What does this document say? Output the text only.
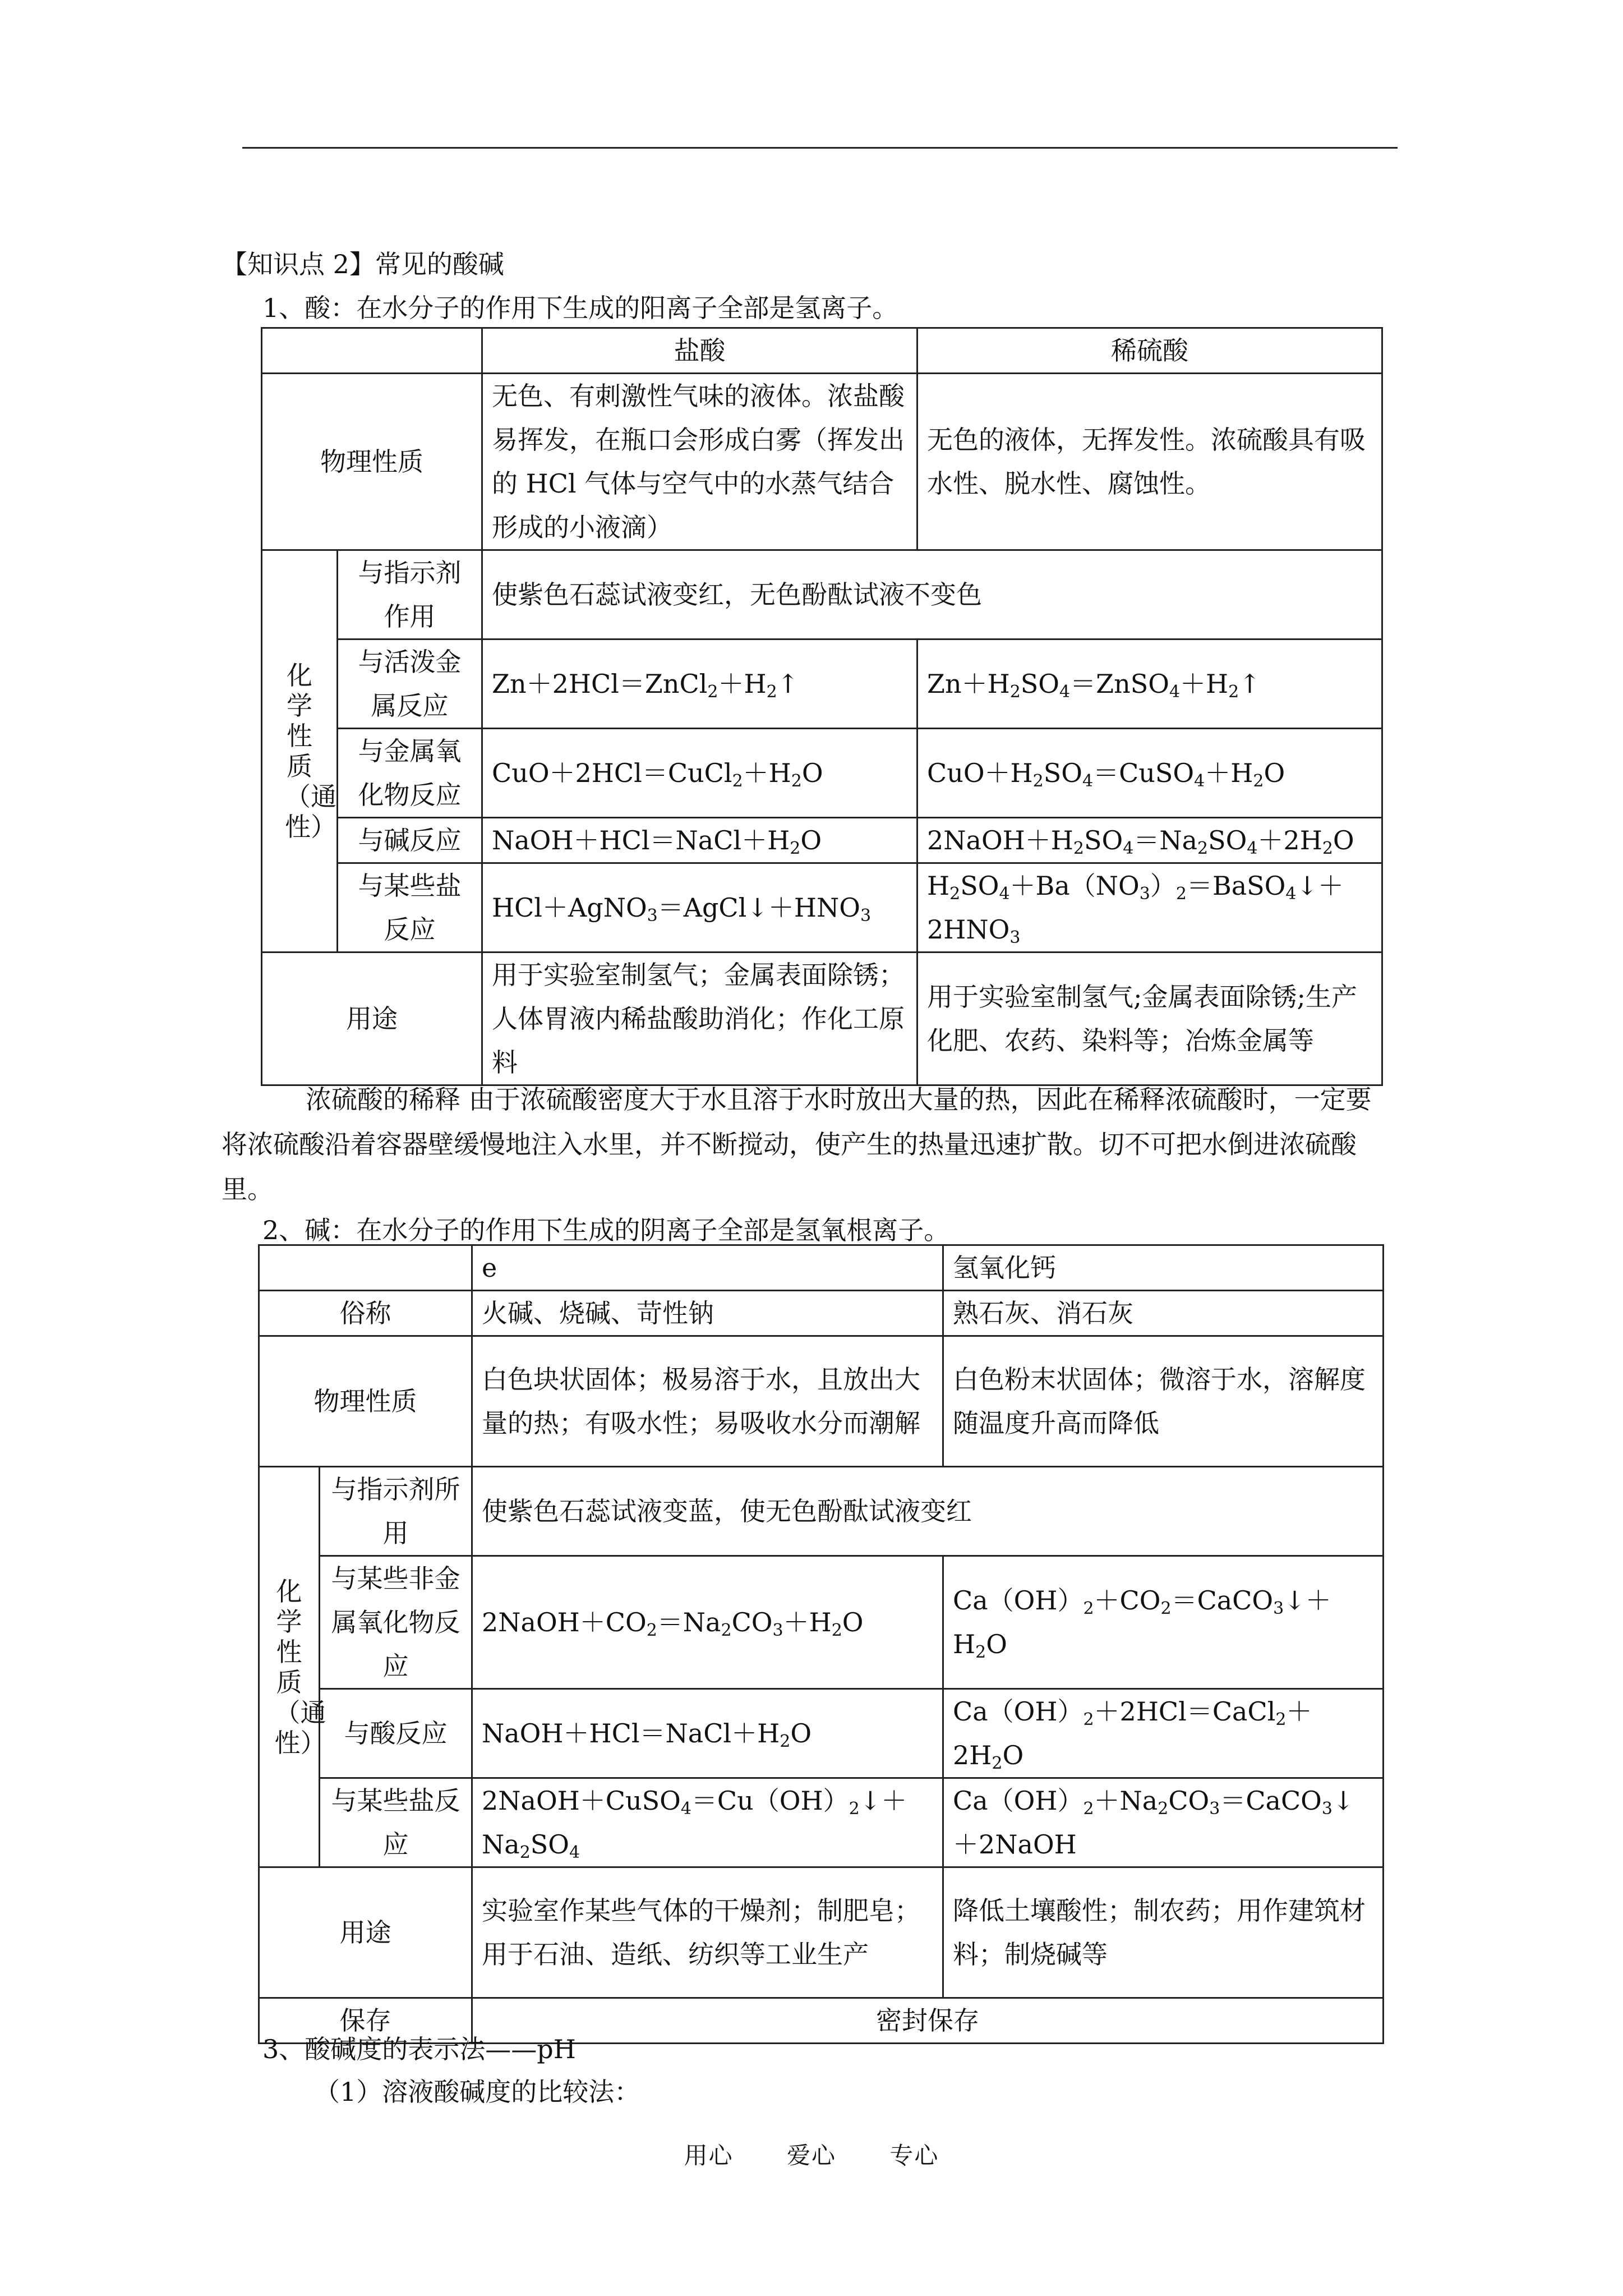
【知识点 2】常见的酸碱
1、酸：在水分子的作用下生成的阳离子全部是氢离子。
		盐酸	稀硫酸
物理性质		无色、有刺激性气味的液体。浓盐酸易挥发，在瓶口会形成白雾（挥发出的 HCl 气体与空气中的水蒸气结合形成的小液滴）	无色的液体，无挥发性。浓硫酸具有吸水性、脱水性、腐蚀性。
化学性质（通性）	与指示剂作用	使紫色石蕊试液变红，无色酚酞试液不变色	
	与活泼金属反应	$Zn+2HCl=ZnCl_2+H_2↑$	$Zn+H_2SO_4=ZnSO_4+H_2↑$
	与金属氧化物反应	$CuO+2HCl=CuCl_2+H_2O$	$CuO+H_2SO_4=CuSO_4+H_2O$
	与碱反应	$NaOH+HCl=NaCl+H_2O$	$2NaOH+H_2SO_4=Na_2SO_4+2H_2O$
	与某些盐反应	$HCl+AgNO_3=AgCl↓+HNO_3$	$H_2SO_4+Ba(NO_3)_2=BaSO_4↓+2HNO_3$
用途		用于实验室制氢气；金属表面除锈；人体胃液内稀盐酸助消化；作化工原料	用于实验室制氢气;金属表面除锈;生产化肥、农药、染料等；冶炼金属等
浓硫酸的稀释 由于浓硫酸密度大于水且溶于水时放出大量的热，因此在稀释浓硫酸时，一定要将浓硫酸沿着容器壁缓慢地注入水里，并不断搅动，使产生的热量迅速扩散。切不可把水倒进浓硫酸里。
2、碱：在水分子的作用下生成的阴离子全部是氢氧根离子。
		e	氢氧化钙
俗称		火碱、烧碱、苛性钠	熟石灰、消石灰
物理性质		白色块状固体；极易溶于水，且放出大量的热；有吸水性；易吸收水分而潮解	白色粉末状固体；微溶于水，溶解度随温度升高而降低
化学性质（通性）	与指示剂所用	使紫色石蕊试液变蓝，使无色酚酞试液变红	
	与某些非金属氧化物反应	$2NaOH+CO_2=Na_2CO_3+H_2O$	$Ca(OH)_2+CO_2=CaCO_3↓+H_2O$
	与酸反应	$NaOH+HCl=NaCl+H_2O$	$Ca(OH)_2+2HCl=CaCl_2+2H_2O$
	与某些盐反应	$2NaOH+CuSO_4=Cu(OH)_2↓+Na_2SO_4$	$Ca(OH)_2+Na_2CO_3=CaCO_3↓+2NaOH$
用途		实验室作某些气体的干燥剂；制肥皂；用于石油、造纸、纺织等工业生产	降低土壤酸性；制农药；用作建筑材料；制烧碱等
保存		密封保存	
3、酸碱度的表示法——pH
（1）溶液酸碱度的比较法：
用心 爱心 专心
